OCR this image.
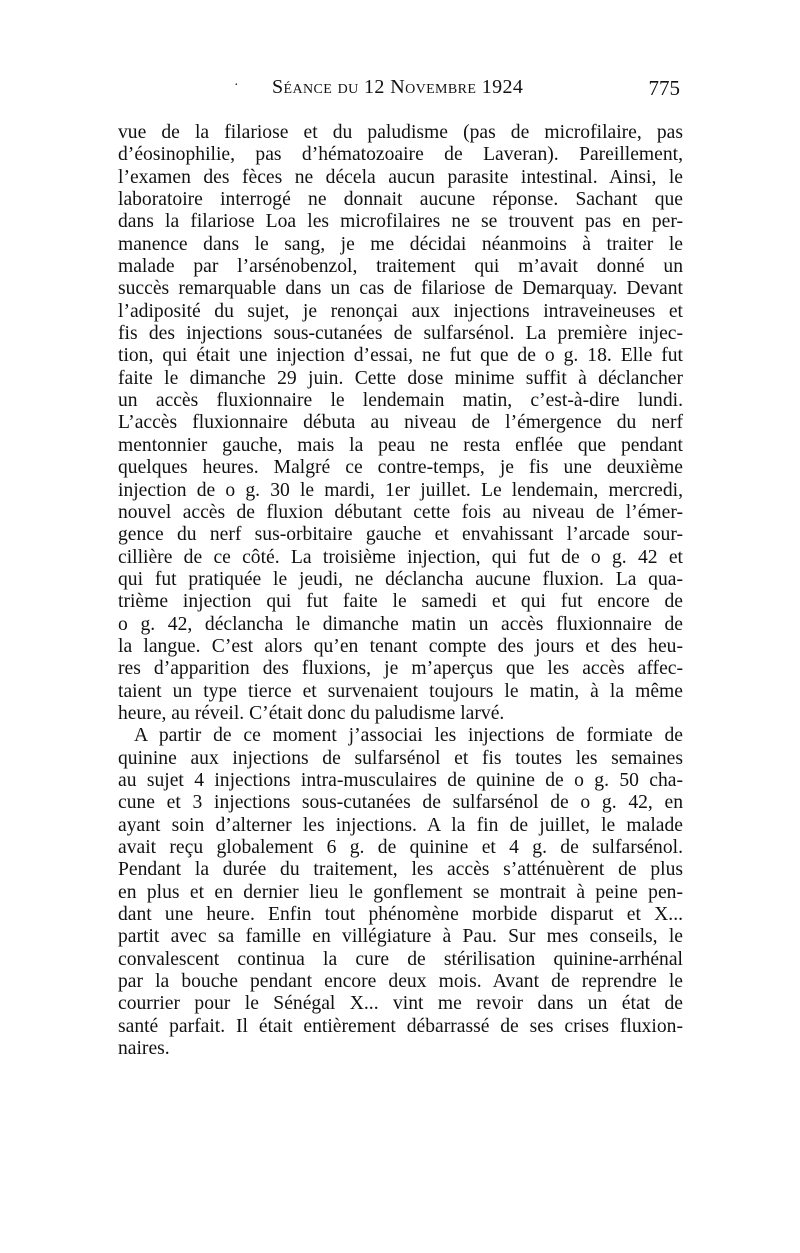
· Séance du 12 Novembre 1924	775
vue de la filariose et du paludisme (pas de microfilaire, pas
d’éosinophilie, pas d’hématozoaire de Laveran). Pareillement,
l’examen des fèces ne décela aucun parasite intestinal. Ainsi, le
laboratoire interrogé ne donnait aucune réponse. Sachant que
dans la filariose Loa les microfilaires ne se trouvent pas en per-
manence dans le sang, je me décidai néanmoins à traiter le
malade par l’arsénobenzol, traitement qui m’avait donné un
succès remarquable dans un cas de filariose de Demarquay. Devant
l’adiposité du sujet, je renonçai aux injections intraveineuses et
fis des injections sous-cutanées de sulfarsénol. La première injec-
tion, qui était une injection d’essai, ne fut que de o g. 18. Elle fut
faite le dimanche 29 juin. Cette dose minime suffit à déclancher
un accès fluxionnaire le lendemain matin, c’est-à-dire lundi.
L’accès fluxionnaire débuta au niveau de l’émergence du nerf
mentonnier gauche, mais la peau ne resta enflée que pendant
quelques heures. Malgré ce contre-temps, je fis une deuxième
injection de o g. 30 le mardi, 1er juillet. Le lendemain, mercredi,
nouvel accès de fluxion débutant cette fois au niveau de l’émer-
gence du nerf sus-orbitaire gauche et envahissant l’arcade sour-
cillière de ce côté. La troisième injection, qui fut de o g. 42 et
qui fut pratiquée le jeudi, ne déclancha aucune fluxion. La qua-
trième injection qui fut faite le samedi et qui fut encore de
o g. 42, déclancha le dimanche matin un accès fluxionnaire de
la langue. C’est alors qu’en tenant compte des jours et des heu-
res d’apparition des fluxions, je m’aperçus que les accès affec-
taient un type tierce et survenaient toujours le matin, à la même
heure, au réveil. C’était donc du paludisme larvé.
A partir de ce moment j’associai les injections de formiate de
quinine aux injections de sulfarsénol et fis toutes les semaines
au sujet 4 injections intra-musculaires de quinine de o g. 50 cha-
cune et 3 injections sous-cutanées de sulfarsénol de o g. 42, en
ayant soin d’alterner les injections. A la fin de juillet, le malade
avait reçu globalement 6 g. de quinine et 4 g. de sulfarsénol.
Pendant la durée du traitement, les accès s’atténuèrent de plus
en plus et en dernier lieu le gonflement se montrait à peine pen-
dant une heure. Enfin tout phénomène morbide disparut et X...
partit avec sa famille en villégiature à Pau. Sur mes conseils, le
convalescent continua la cure de stérilisation quinine-arrhénal
par la bouche pendant encore deux mois. Avant de reprendre le
courrier pour le Sénégal X... vint me revoir dans un état de
santé parfait. Il était entièrement débarrassé de ses crises fluxion-
naires.
